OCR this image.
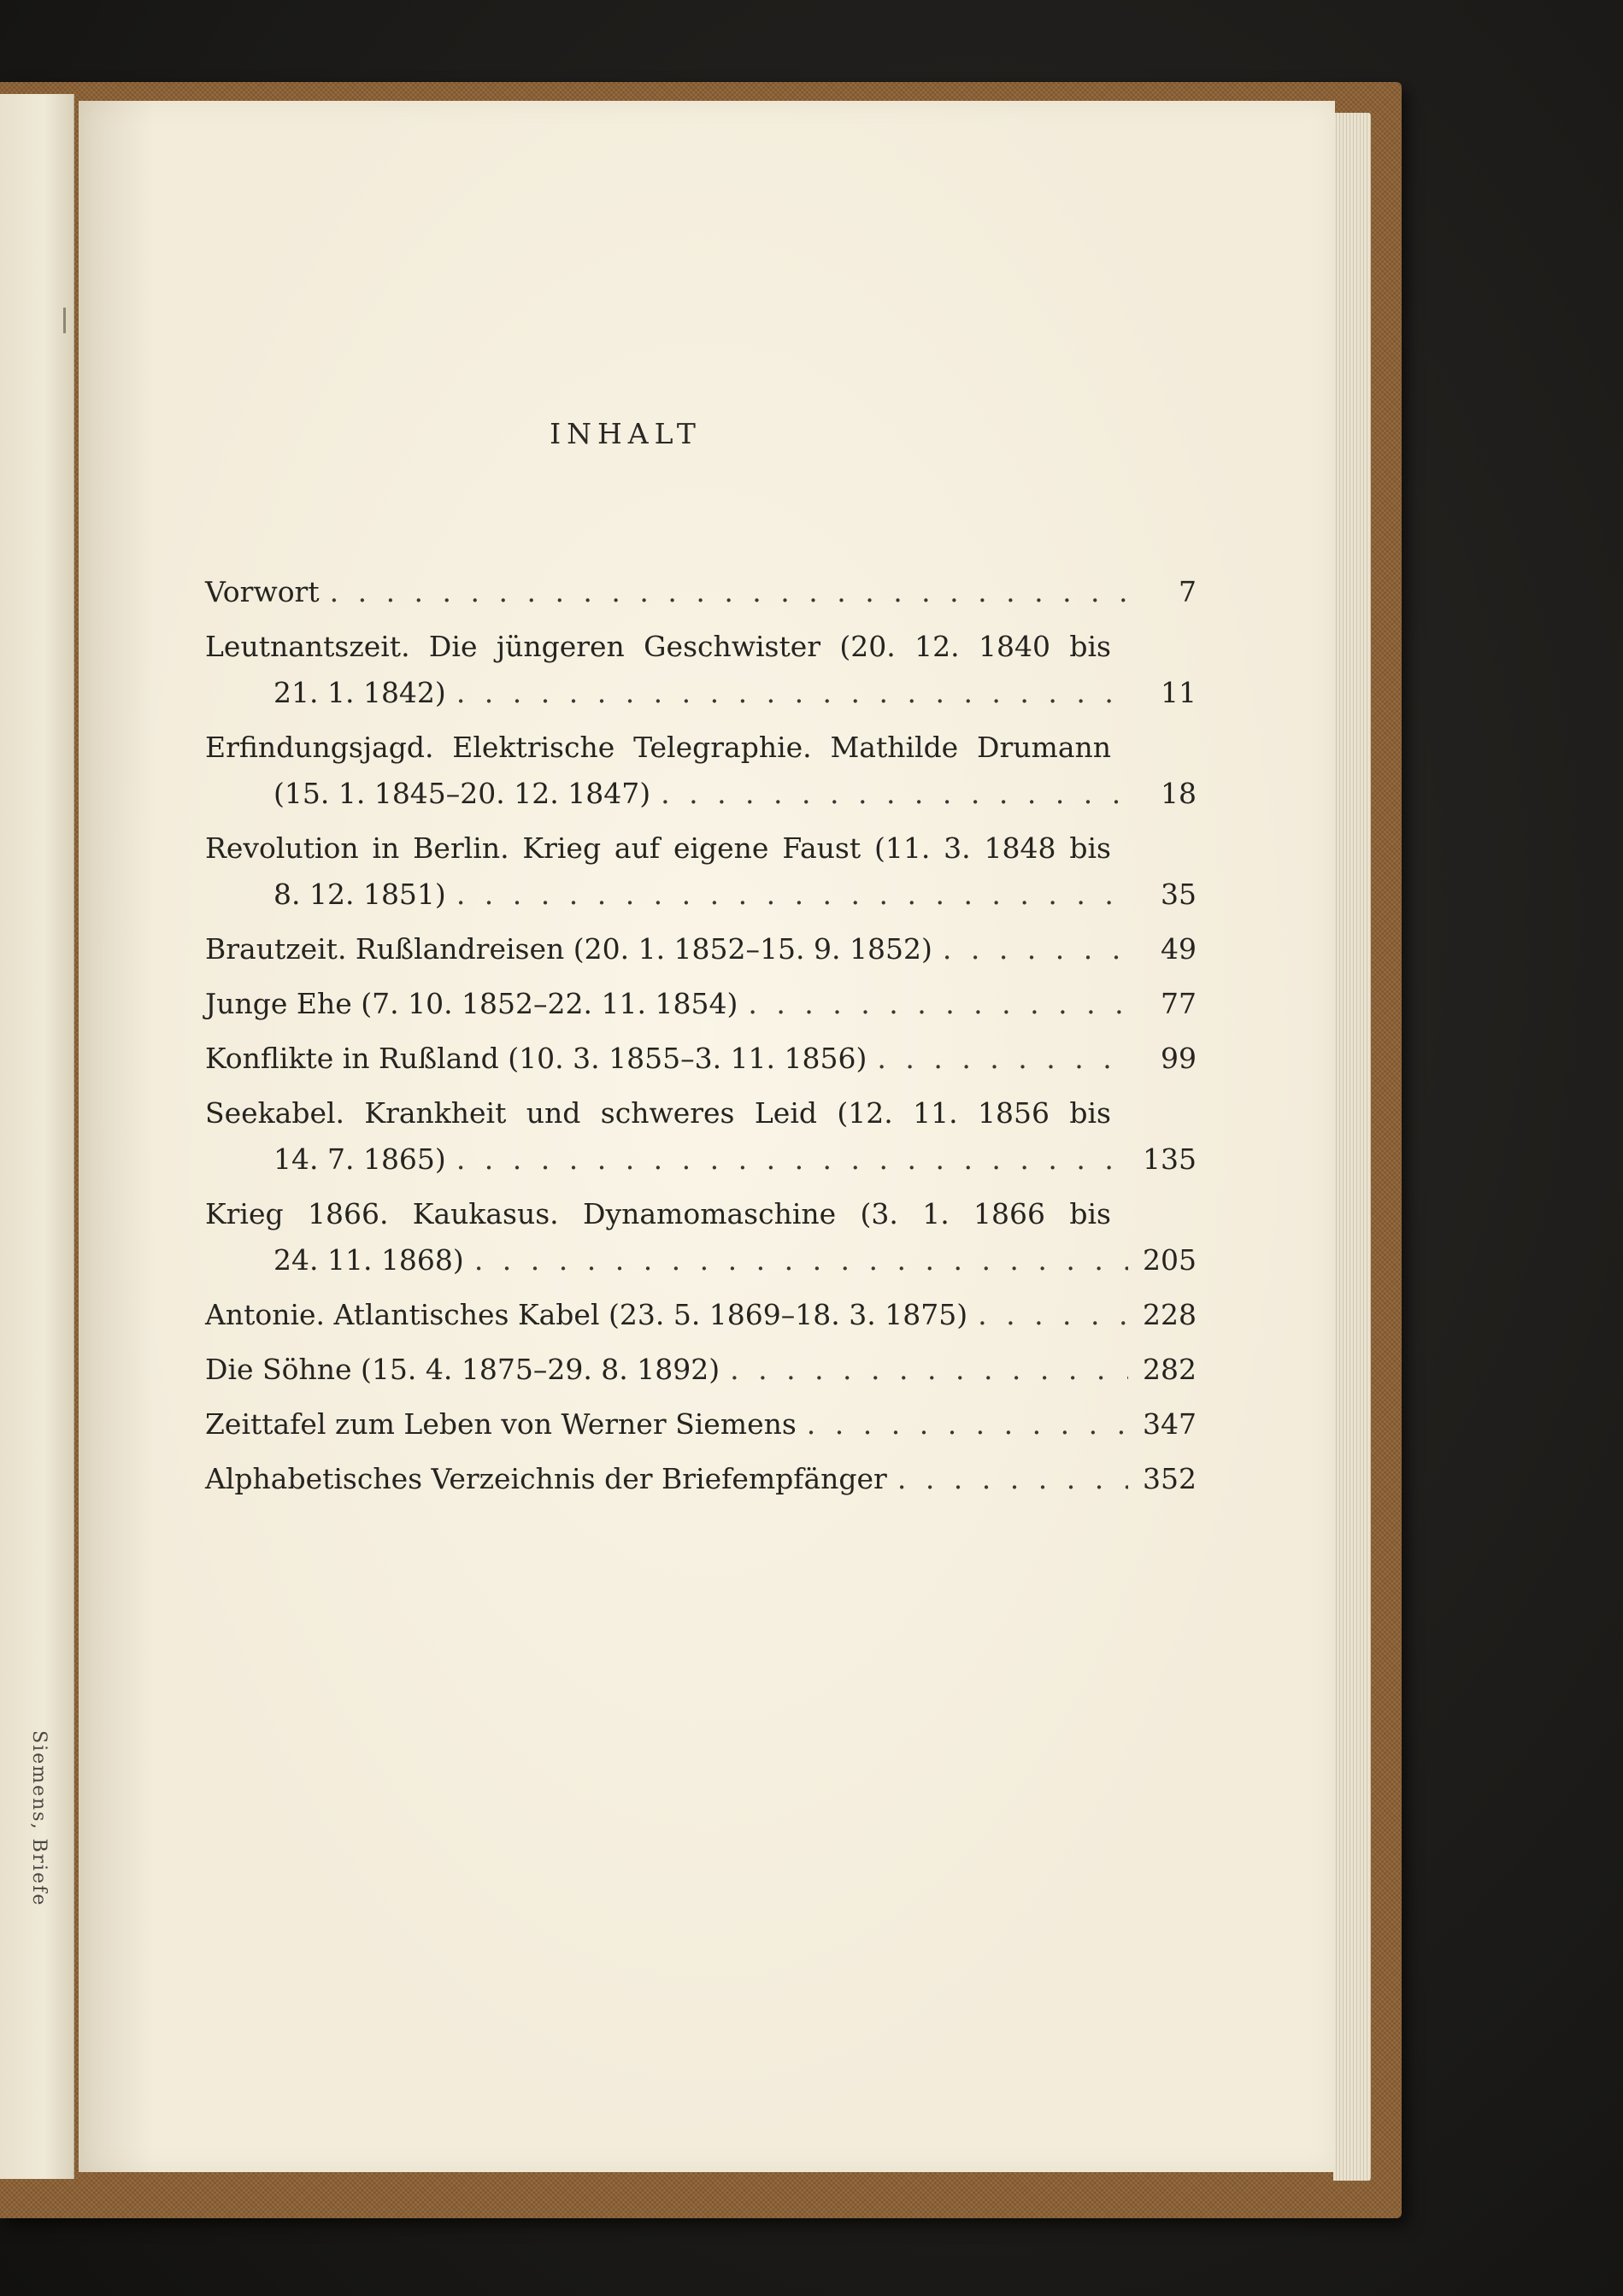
Siemens, Briefe
INHALT
Vorwort . . .	7
Leutnantszeit. Die jüngeren Geschwister (20. 12. 1840 bis
21. 1. 1842) . . .	11
Erfindungsjagd. Elektrische Telegraphie. Mathilde Drumann
(15. 1. 1845–20. 12. 1847) . . .	18
Revolution in Berlin. Krieg auf eigene Faust (11. 3. 1848 bis
8. 12. 1851) . . .	35
Brautzeit. Rußlandreisen (20. 1. 1852–15. 9. 1852) . . .	49
Junge Ehe (7. 10. 1852–22. 11. 1854) . . .	77
Konflikte in Rußland (10. 3. 1855–3. 11. 1856) . . .	99
Seekabel. Krankheit und schweres Leid (12. 11. 1856 bis
14. 7. 1865) . . .	135
Krieg 1866. Kaukasus. Dynamomaschine (3. 1. 1866 bis
24. 11. 1868) . . .	205
Antonie. Atlantisches Kabel (23. 5. 1869–18. 3. 1875) . . .	228
Die Söhne (15. 4. 1875–29. 8. 1892) . . .	282
Zeittafel zum Leben von Werner Siemens . . .	347
Alphabetisches Verzeichnis der Briefempfänger . . .	352
